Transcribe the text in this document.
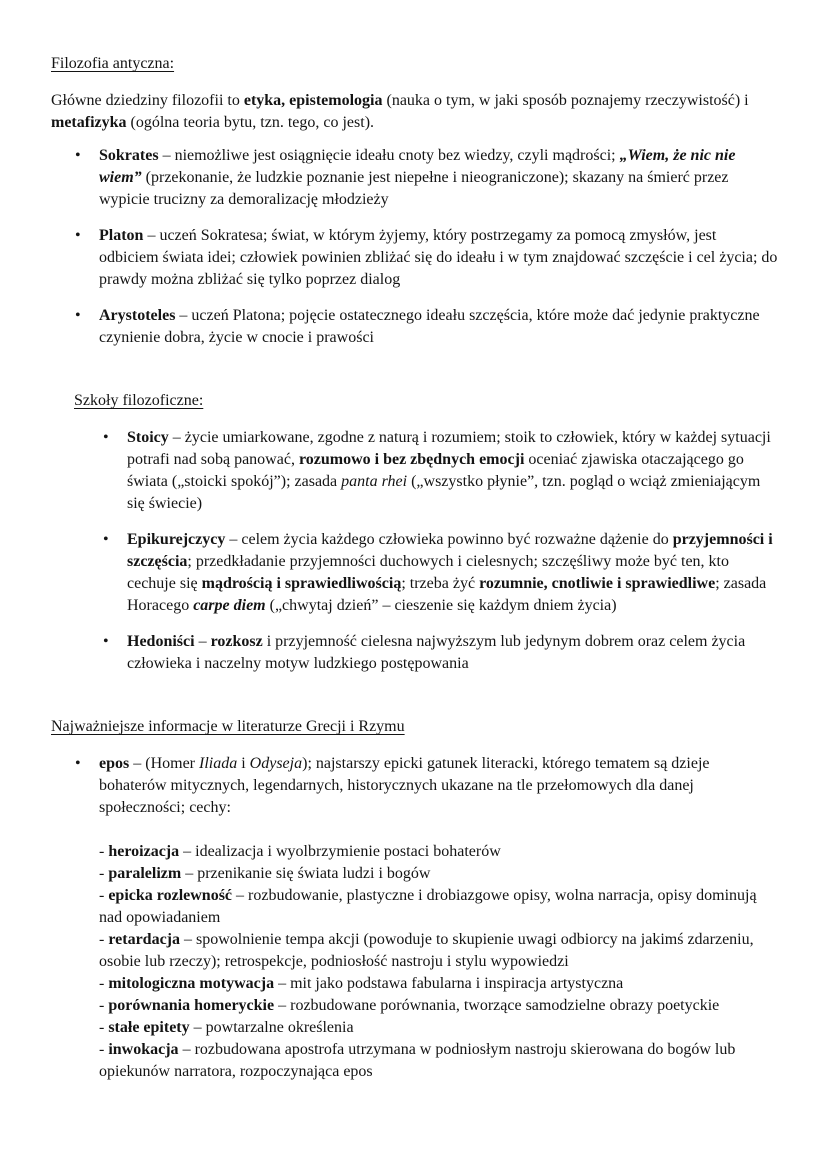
Filozofia antyczna:
Główne dziedziny filozofii to etyka, epistemologia (nauka o tym, w jaki sposób poznajemy rzeczywistość) i metafizyka (ogólna teoria bytu, tzn. tego, co jest).
• Sokrates – niemożliwe jest osiągnięcie ideału cnoty bez wiedzy, czyli mądrości; „Wiem, że nic nie wiem” (przekonanie, że ludzkie poznanie jest niepełne i nieograniczone); skazany na śmierć przez wypicie trucizny za demoralizację młodzieży
• Platon – uczeń Sokratesa; świat, w którym żyjemy, który postrzegamy za pomocą zmysłów, jest odbiciem świata idei; człowiek powinien zbliżać się do ideału i w tym znajdować szczęście i cel życia; do prawdy można zbliżać się tylko poprzez dialog
• Arystoteles – uczeń Platona; pojęcie ostatecznego ideału szczęścia, które może dać jedynie praktyczne czynienie dobra, życie w cnocie i prawości
Szkoły filozoficzne:
• Stoicy – życie umiarkowane, zgodne z naturą i rozumiem; stoik to człowiek, który w każdej sytuacji potrafi nad sobą panować, rozumowo i bez zbędnych emocji oceniać zjawiska otaczającego go świata („stoicki spokój”); zasada panta rhei („wszystko płynie”, tzn. pogląd o wciąż zmieniającym się świecie)
• Epikurejczycy – celem życia każdego człowieka powinno być rozważne dążenie do przyjemności i szczęścia; przedkładanie przyjemności duchowych i cielesnych; szczęśliwy może być ten, kto cechuje się mądrością i sprawiedliwością; trzeba żyć rozumnie, cnotliwie i sprawiedliwe; zasada Horacego carpe diem („chwytaj dzień” – cieszenie się każdym dniem życia)
• Hedoniści – rozkosz i przyjemność cielesna najwyższym lub jedynym dobrem oraz celem życia człowieka i naczelny motyw ludzkiego postępowania
Najważniejsze informacje w literaturze Grecji i Rzymu
• epos – (Homer Iliada i Odyseja); najstarszy epicki gatunek literacki, którego tematem są dzieje bohaterów mitycznych, legendarnych, historycznych ukazane na tle przełomowych dla danej społeczności; cechy:

- heroizacja – idealizacja i wyolbrzymienie postaci bohaterów
- paralelizm – przenikanie się świata ludzi i bogów
- epicka rozlewność – rozbudowanie, plastyczne i drobiazgowe opisy, wolna narracja, opisy dominują nad opowiadaniem
- retardacja – spowolnienie tempa akcji (powoduje to skupienie uwagi odbiorcy na jakimś zdarzeniu, osobie lub rzeczy); retrospekcje, podniosłość nastroju i stylu wypowiedzi
- mitologiczna motywacja – mit jako podstawa fabularna i inspiracja artystyczna
- porównania homeryckie – rozbudowane porównania, tworzące samodzielne obrazy poetyckie
- stałe epitety – powtarzalne określenia
- inwokacja – rozbudowana apostrofa utrzymana w podniosłym nastroju skierowana do bogów lub opiekunów narratora, rozpoczynająca epos
